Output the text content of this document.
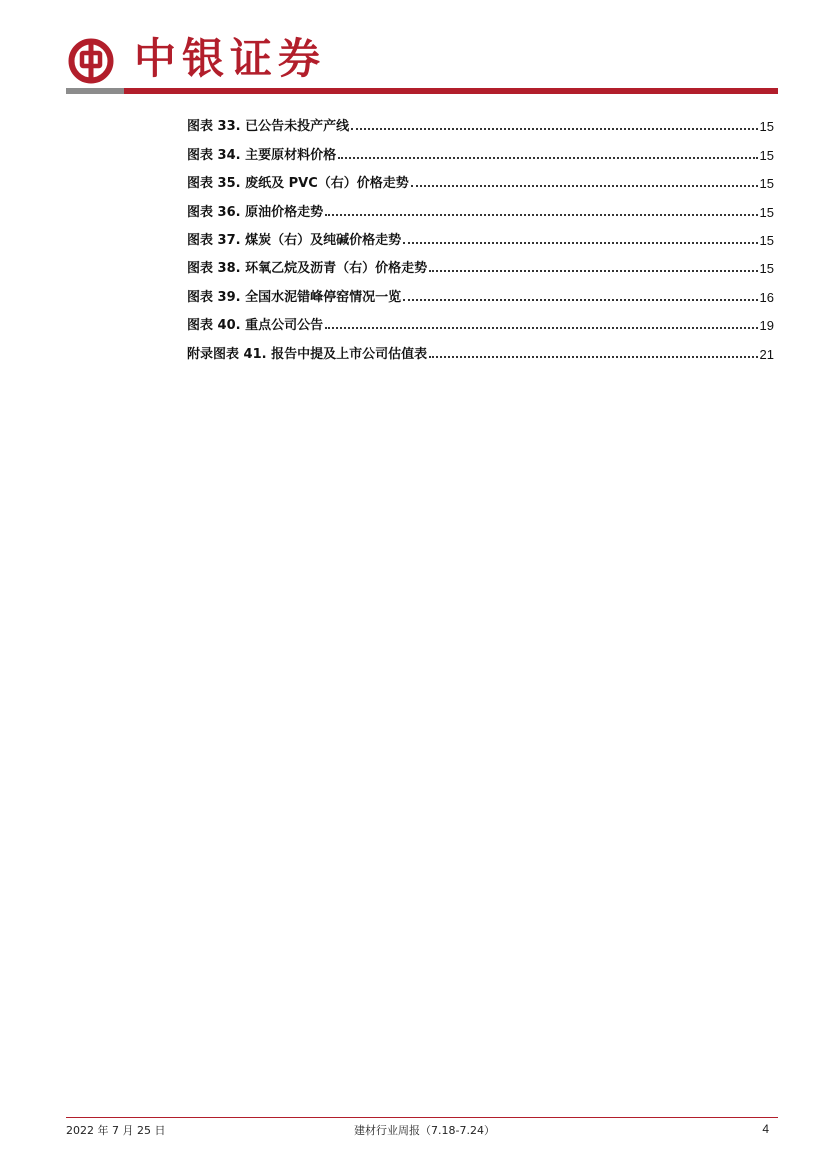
中银证券
图表 33. 已公告未投产产线	15
图表 34. 主要原材料价格	15
图表 35. 废纸及 PVC（右）价格走势	15
图表 36. 原油价格走势	15
图表 37. 煤炭（右）及纯碱价格走势	15
图表 38. 环氧乙烷及沥青（右）价格走势	15
图表 39. 全国水泥错峰停窑情况一览	16
图表 40. 重点公司公告	19
附录图表 41. 报告中提及上市公司估值表	21
2022 年 7 月 25 日	建材行业周报（7.18-7.24）	4
